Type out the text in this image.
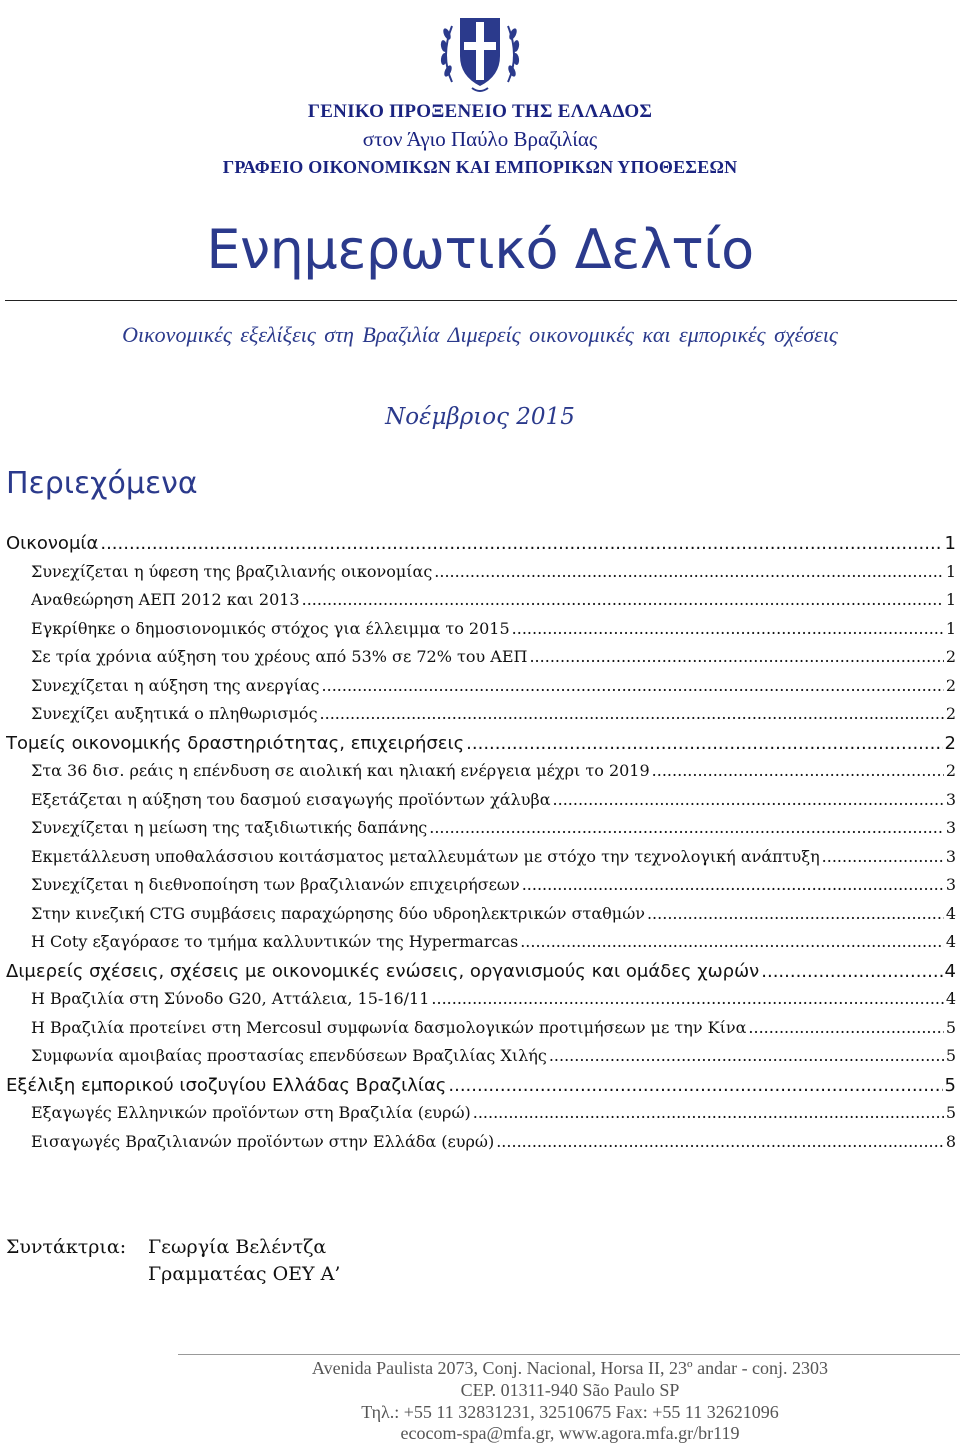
ΓΕΝΙΚΟ ΠΡΟΞΕΝΕΙΟ ΤΗΣ ΕΛΛΑΔΟΣ
στον Άγιο Παύλο Βραζιλίας
ΓΡΑΦΕΙΟ ΟΙΚΟΝΟΜΙΚΩΝ ΚΑΙ ΕΜΠΟΡΙΚΩΝ ΥΠΟΘΕΣΕΩΝ
Ενημερωτικό Δελτίο
Οικονομικές εξελίξεις στη Βραζιλία Διμερείς οικονομικές και εμπορικές σχέσεις
Νοέμβριος 2015
Περιεχόμενα
Οικονομία .....	1
Συνεχίζεται η ύφεση της βραζιλιανής οικονομίας .....	1
Αναθεώρηση ΑΕΠ 2012 και 2013 .....	1
Εγκρίθηκε ο δημοσιονομικός στόχος για έλλειμμα το 2015 .....	1
Σε τρία χρόνια αύξηση του χρέους από 53% σε 72% του ΑΕΠ .....	2
Συνεχίζεται η αύξηση της ανεργίας .....	2
Συνεχίζει αυξητικά ο πληθωρισμός .....	2
Τομείς οικονομικής δραστηριότητας, επιχειρήσεις .....	2
Στα 36 δισ. ρεάις η επένδυση σε αιολική και ηλιακή ενέργεια μέχρι το 2019 .....	2
Εξετάζεται η αύξηση του δασμού εισαγωγής προϊόντων χάλυβα .....	3
Συνεχίζεται η μείωση της ταξιδιωτικής δαπάνης .....	3
Εκμετάλλευση υποθαλάσσιου κοιτάσματος μεταλλευμάτων με στόχο την τεχνολογική ανάπτυξη .....	3
Συνεχίζεται η διεθνοποίηση των βραζιλιανών επιχειρήσεων .....	3
Στην κινεζική CTG συμβάσεις παραχώρησης δύο υδροηλεκτρικών σταθμών .....	4
Η Coty εξαγόρασε το τμήμα καλλυντικών της Hypermarcas .....	4
Διμερείς σχέσεις, σχέσεις με οικονομικές ενώσεις, οργανισμούς και ομάδες χωρών .....	4
Η Βραζιλία στη Σύνοδο G20, Αττάλεια, 15-16/11 .....	4
Η Βραζιλία προτείνει στη Mercosul συμφωνία δασμολογικών προτιμήσεων με την Κίνα .....	5
Συμφωνία αμοιβαίας προστασίας επενδύσεων Βραζιλίας Χιλής .....	5
Εξέλιξη εμπορικού ισοζυγίου Ελλάδας Βραζιλίας .....	5
Εξαγωγές Ελληνικών προϊόντων στη Βραζιλία (ευρώ) .....	5
Εισαγωγές Βραζιλιανών προϊόντων στην Ελλάδα (ευρώ) .....	8
Συντάκτρια: Γεωργία Βελέντζα
Γραμματέας ΟΕΥ Α’
Avenida Paulista 2073, Conj. Nacional, Horsa II, 23º andar - conj. 2303
CEP. 01311-940 São Paulo SP
Τηλ.: +55 11 32831231, 32510675 Fax: +55 11 32621096
ecocom-spa@mfa.gr, www.agora.mfa.gr/br119
